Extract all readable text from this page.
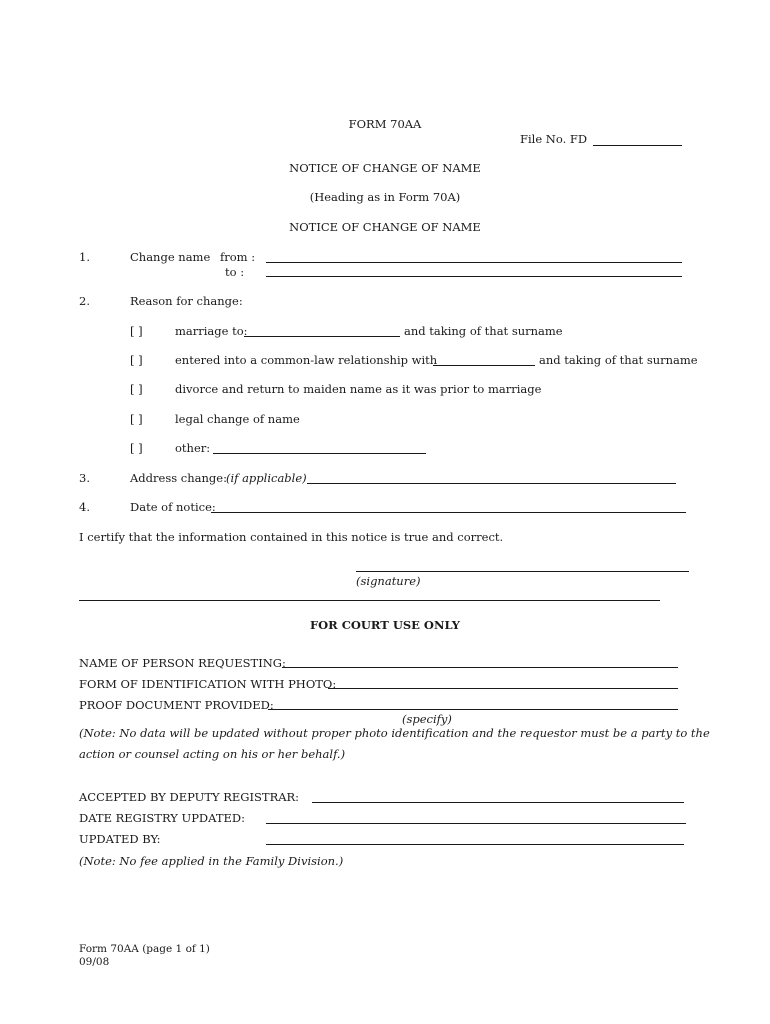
FORM 70AA
File No. FD
NOTICE OF CHANGE OF NAME
(Heading as in Form 70A)
NOTICE OF CHANGE OF NAME
1.	Change name from :
to :
2.	Reason for change:
[ ]	marriage to:	and taking of that surname
[ ]	entered into a common-law relationship with	and taking of that surname
[ ]	divorce and return to maiden name as it was prior to marriage
[ ]	legal change of name
[ ]	other:
3.	Address change: (if applicable)
4.	Date of notice:
I certify that the information contained in this notice is true and correct.
(signature)
FOR COURT USE ONLY
NAME OF PERSON REQUESTING:
FORM OF IDENTIFICATION WITH PHOTO:
PROOF DOCUMENT PROVIDED:
(specify)
(Note: No data will be updated without proper photo identification and the requestor must be a party to the
action or counsel acting on his or her behalf.)
ACCEPTED BY DEPUTY REGISTRAR:
DATE REGISTRY UPDATED:
UPDATED BY:
(Note: No fee applied in the Family Division.)
Form 70AA (page 1 of 1)
09/08
